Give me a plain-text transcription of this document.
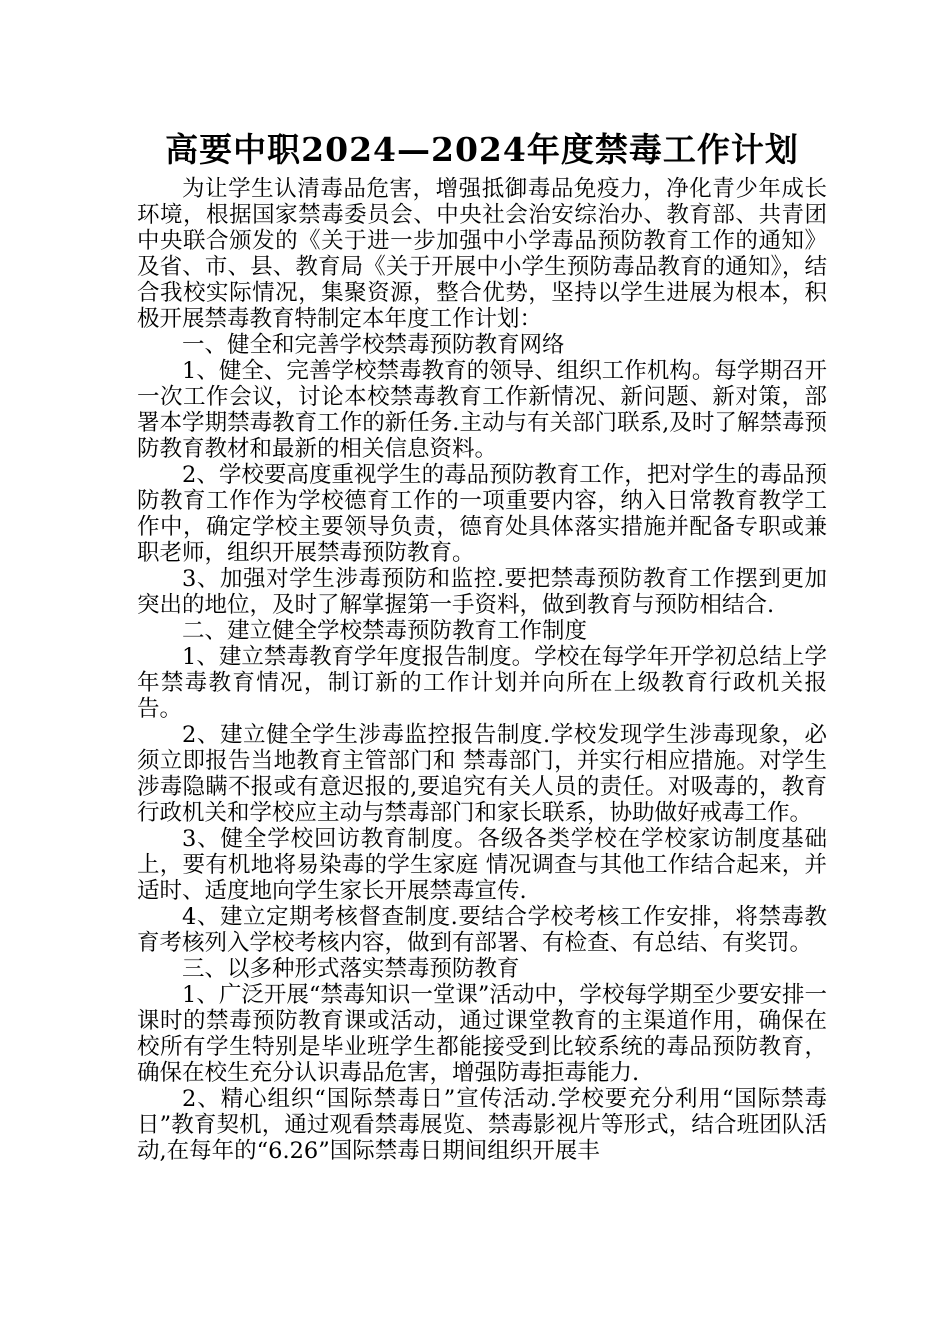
高要中职2024—2024年度禁毒工作计划

为让学生认清毒品危害，增强抵御毒品免疫力，净化青少年成长环境，根据国家禁毒委员会、中央社会治安综治办、教育部、共青团中央联合颁发的《关于进一步加强中小学毒品预防教育工作的通知》及省、市、县、教育局《关于开展中小学生预防毒品教育的通知》，结合我校实际情况，集聚资源，整合优势，坚持以学生进展为根本，积极开展禁毒教育特制定本年度工作计划：

一、健全和完善学校禁毒预防教育网络

1、健全、完善学校禁毒教育的领导、组织工作机构。每学期召开一次工作会议，讨论本校禁毒教育工作新情况、新问题、新对策，部署本学期禁毒教育工作的新任务.主动与有关部门联系,及时了解禁毒预防教育教材和最新的相关信息资料。

2、学校要高度重视学生的毒品预防教育工作，把对学生的毒品预防教育工作作为学校德育工作的一项重要内容，纳入日常教育教学工作中，确定学校主要领导负责，德育处具体落实措施并配备专职或兼职老师，组织开展禁毒预防教育。

3、加强对学生涉毒预防和监控.要把禁毒预防教育工作摆到更加突出的地位，及时了解掌握第一手资料，做到教育与预防相结合.

二、建立健全学校禁毒预防教育工作制度

1、建立禁毒教育学年度报告制度。学校在每学年开学初总结上学年禁毒教育情况，制订新的工作计划并向所在上级教育行政机关报告。

2、建立健全学生涉毒监控报告制度.学校发现学生涉毒现象，必须立即报告当地教育主管部门和 禁毒部门，并实行相应措施。对学生涉毒隐瞒不报或有意迟报的,要追究有关人员的责任。对吸毒的，教育行政机关和学校应主动与禁毒部门和家长联系，协助做好戒毒工作。

3、健全学校回访教育制度。各级各类学校在学校家访制度基础上，要有机地将易染毒的学生家庭 情况调查与其他工作结合起来，并适时、适度地向学生家长开展禁毒宣传.

4、建立定期考核督查制度.要结合学校考核工作安排，将禁毒教育考核列入学校考核内容，做到有部署、有检查、有总结、有奖罚。

三、以多种形式落实禁毒预防教育

1、广泛开展“禁毒知识一堂课”活动中，学校每学期至少要安排一课时的禁毒预防教育课或活动，通过课堂教育的主渠道作用，确保在校所有学生特别是毕业班学生都能接受到比较系统的毒品预防教育，确保在校生充分认识毒品危害，增强防毒拒毒能力.

2、精心组织“国际禁毒日”宣传活动.学校要充分利用“国际禁毒日”教育契机，通过观看禁毒展览、禁毒影视片等形式，结合班团队活动,在每年的“6.26”国际禁毒日期间组织开展丰
